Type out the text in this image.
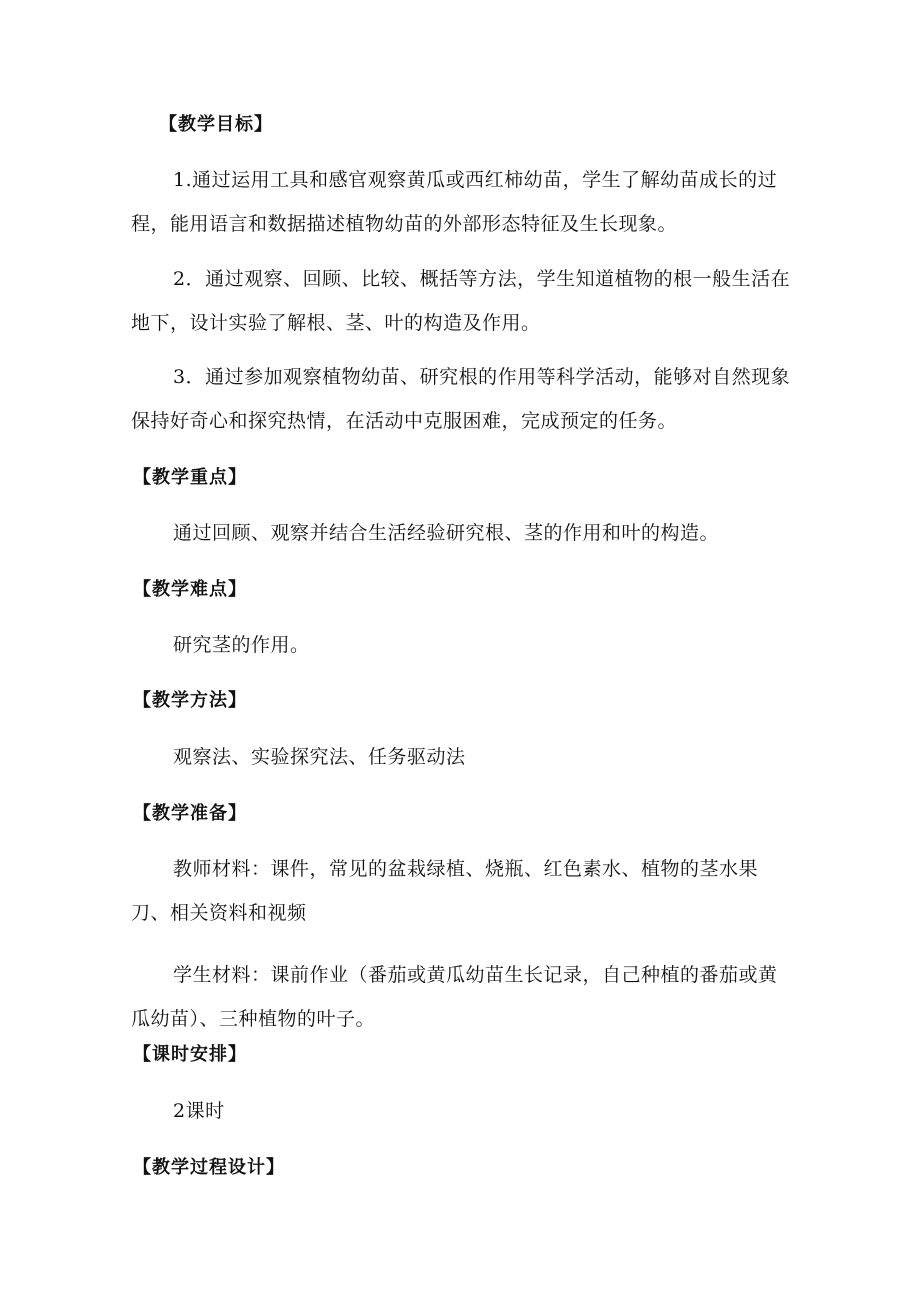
【教学目标】

1.通过运用工具和感官观察黄瓜或西红柿幼苗，学生了解幼苗成长的过程，能用语言和数据描述植物幼苗的外部形态特征及生长现象。

2．通过观察、回顾、比较、概括等方法，学生知道植物的根一般生活在地下，设计实验了解根、茎、叶的构造及作用。

3．通过参加观察植物幼苗、研究根的作用等科学活动，能够对自然现象保持好奇心和探究热情，在活动中克服困难，完成预定的任务。

【教学重点】
通过回顾、观察并结合生活经验研究根、茎的作用和叶的构造。
【教学难点】
研究茎的作用。
【教学方法】
观察法、实验探究法、任务驱动法
【教学准备】

教师材料：课件，常见的盆栽绿植、烧瓶、红色素水、植物的茎水果刀、相关资料和视频

学生材料：课前作业（番茄或黄瓜幼苗生长记录，自己种植的番茄或黄瓜幼苗）、三种植物的叶子。

【课时安排】
2课时
【教学过程设计】
